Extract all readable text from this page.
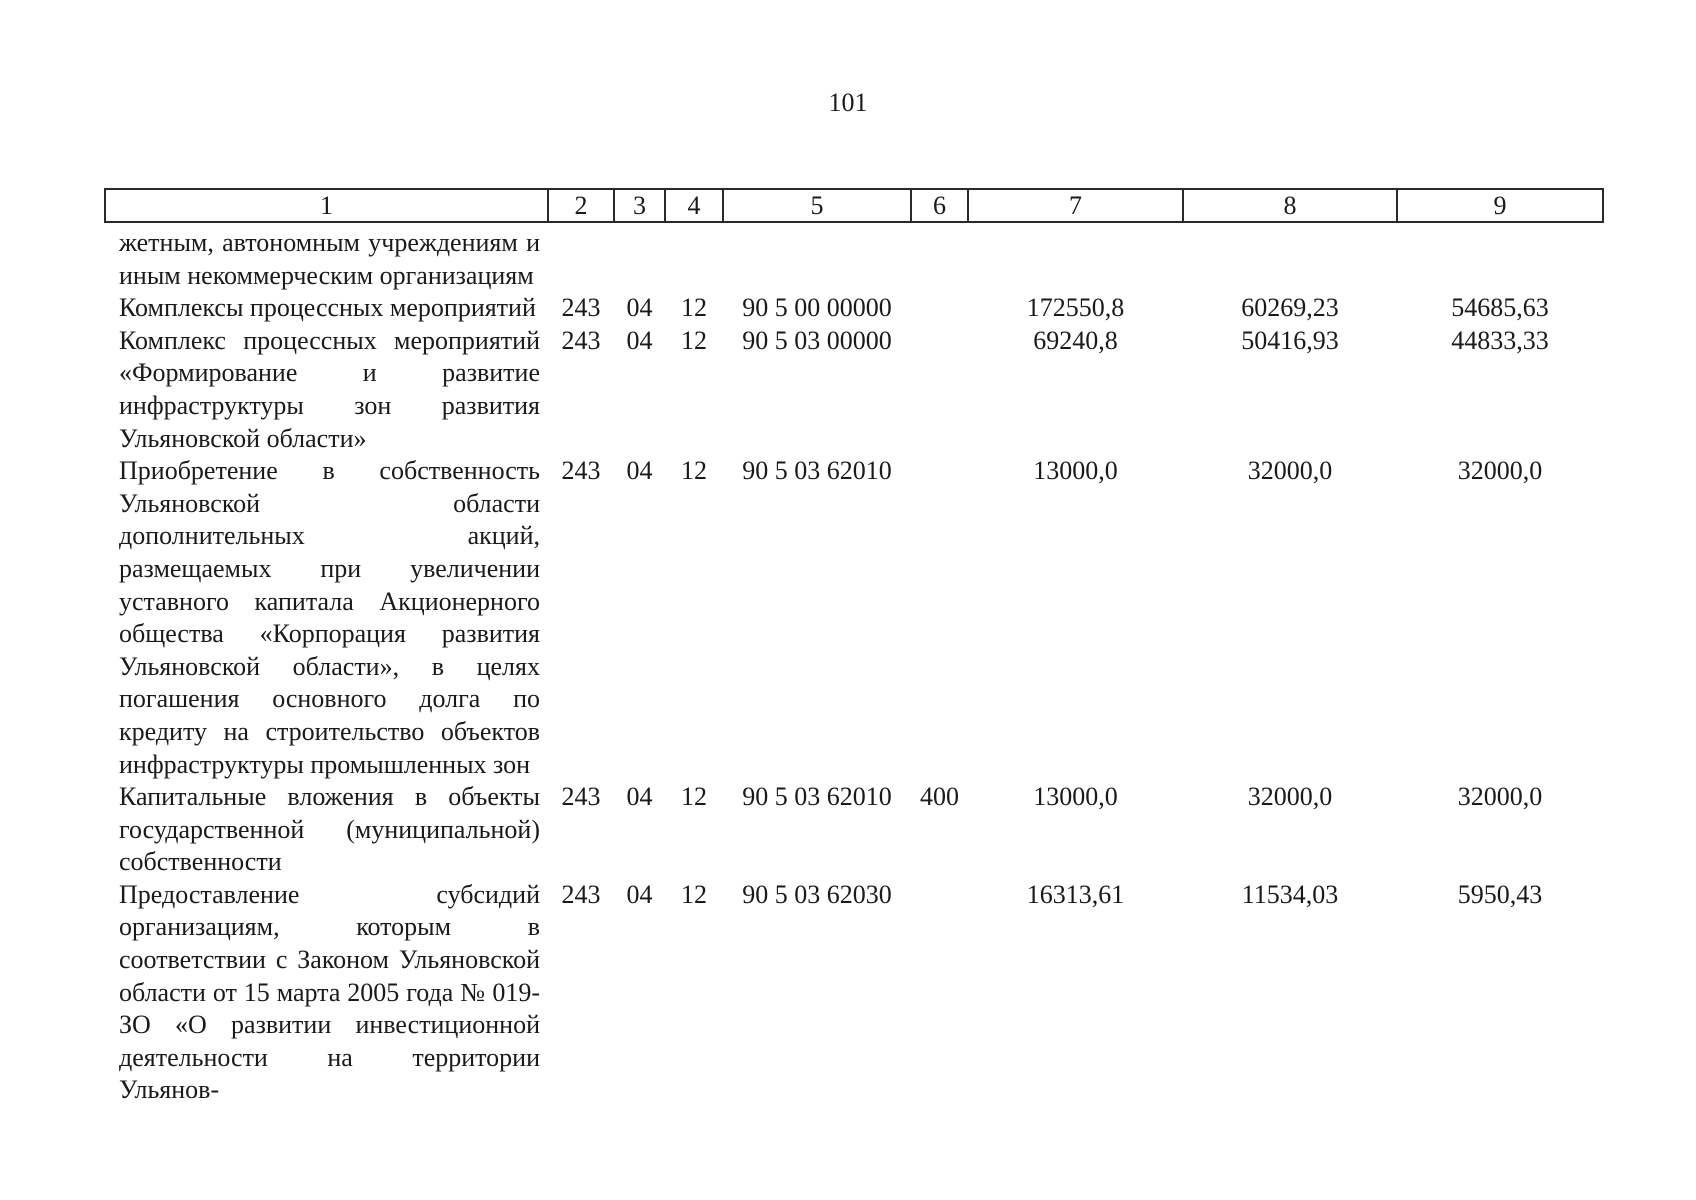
101
1	2	3	4	5	6	7	8	9
жетным, автономным учреждениям и иным некоммерческим организациям								
Комплексы процессных мероприятий	243	04	12	90 5 00 00000		172550,8	60269,23	54685,63
Комплекс процессных мероприятий «Формирование и развитие инфраструктуры зон развития Ульяновской области»	243	04	12	90 5 03 00000		69240,8	50416,93	44833,33
Приобретение в собственность Ульяновской области дополнительных акций, размещаемых при увеличении уставного капитала Акционерного общества «Корпорация развития Ульяновской области», в целях погашения основного долга по кредиту на строительство объектов инфраструктуры промышленных зон	243	04	12	90 5 03 62010		13000,0	32000,0	32000,0
Капитальные вложения в объекты государственной (муниципальной) собственности	243	04	12	90 5 03 62010	400	13000,0	32000,0	32000,0
Предоставление субсидий организациям, которым в соответствии с Законом Ульяновской области от 15 марта 2005 года № 019-ЗО «О развитии инвестиционной деятельности на территории Ульянов-	243	04	12	90 5 03 62030		16313,61	11534,03	5950,43
